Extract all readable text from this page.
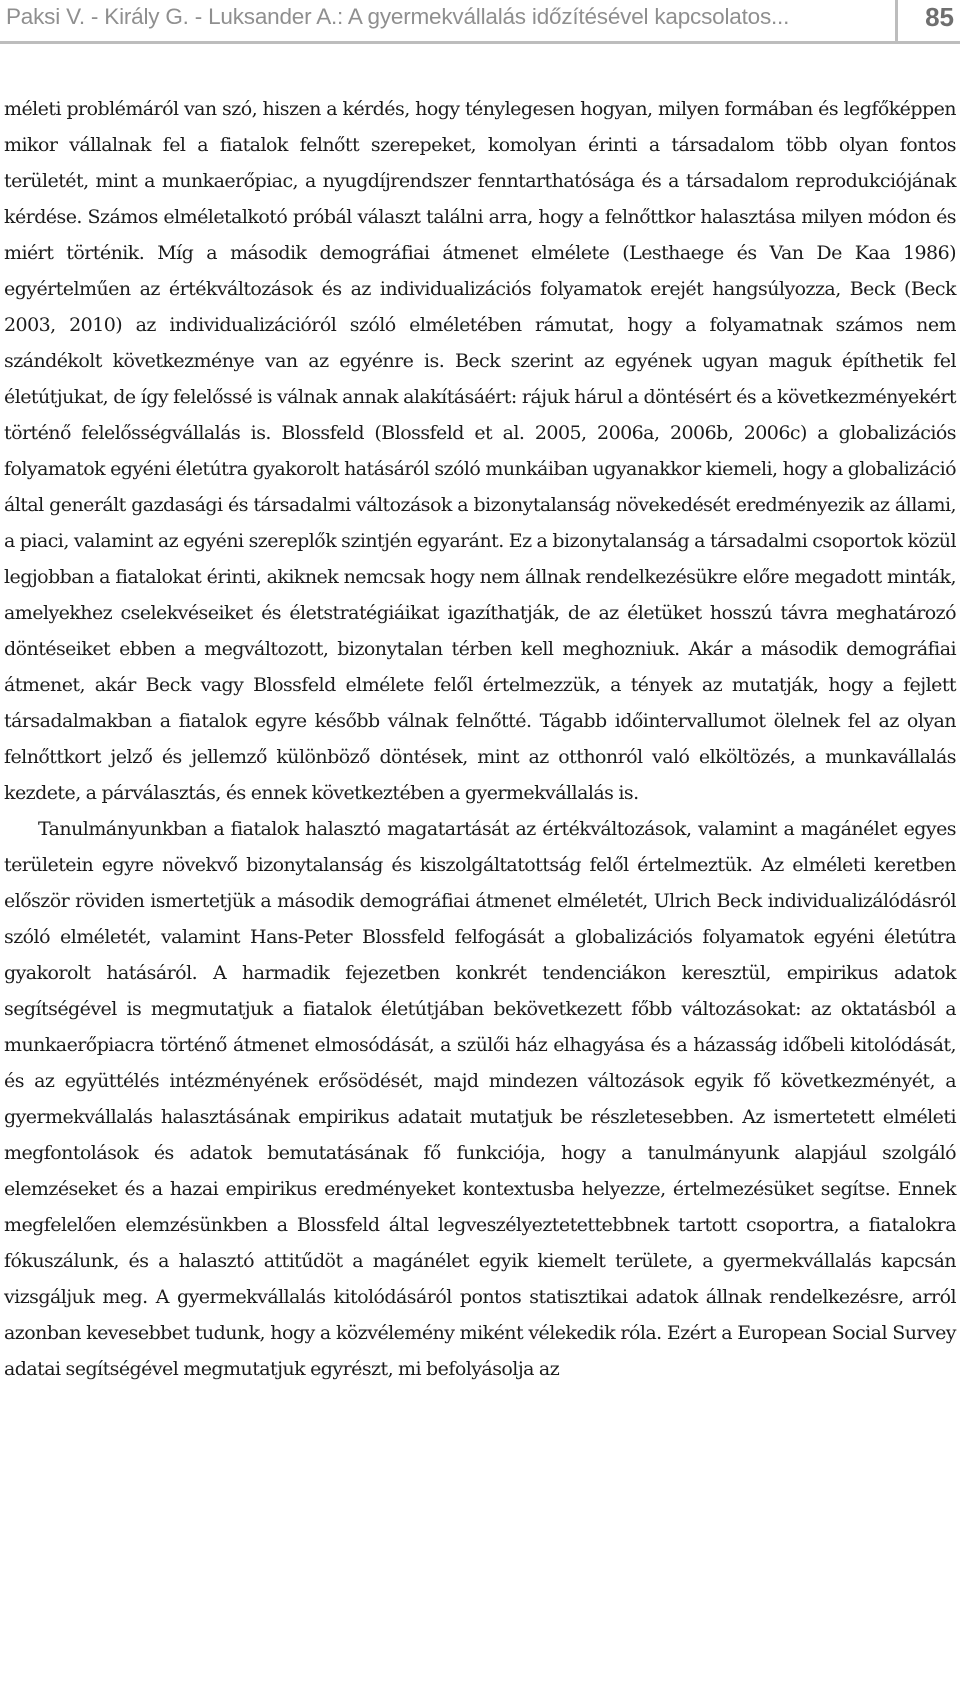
Paksi V. - Király G. - Luksander A.: A gyermekvállalás időzítésével kapcsolatos...	85

méleti problémáról van szó, hiszen a kérdés, hogy ténylegesen hogyan, milyen formában és legfőképpen mikor vállalnak fel a fiatalok felnőtt szerepeket, komolyan érinti a társadalom több olyan fontos területét, mint a munkaerőpiac, a nyugdíjrendszer fenntarthatósága és a társadalom reprodukciójának kérdése. Számos elméletalkotó próbál választ találni arra, hogy a felnőttkor halasztása milyen módon és miért történik. Míg a második demográfiai átmenet elmélete (Lesthaege és Van De Kaa 1986) egyértelműen az értékváltozások és az individualizációs folyamatok erejét hangsúlyozza, Beck (Beck 2003, 2010) az individualizációról szóló elméletében rámutat, hogy a folyamatnak számos nem szándékolt következménye van az egyénre is. Beck szerint az egyének ugyan maguk építhetik fel életútjukat, de így felelőssé is válnak annak alakításáért: rájuk hárul a döntésért és a következményekért történő felelősségvállalás is. Blossfeld (Blossfeld et al. 2005, 2006a, 2006b, 2006c) a globalizációs folyamatok egyéni életútra gyakorolt hatásáról szóló munkáiban ugyanakkor kiemeli, hogy a globalizáció által generált gazdasági és társadalmi változások a bizonytalanság növekedését eredményezik az állami, a piaci, valamint az egyéni szereplők szintjén egyaránt. Ez a bizonytalanság a társadalmi csoportok közül legjobban a fiatalokat érinti, akiknek nemcsak hogy nem állnak rendelkezésükre előre megadott minták, amelyekhez cselekvéseiket és életstratégiáikat igazíthatják, de az életüket hosszú távra meghatározó döntéseiket ebben a megváltozott, bizonytalan térben kell meghozniuk. Akár a második demográfiai átmenet, akár Beck vagy Blossfeld elmélete felől értelmezzük, a tények az mutatják, hogy a fejlett társadalmakban a fiatalok egyre később válnak felnőtté. Tágabb időintervallumot ölelnek fel az olyan felnőttkort jelző és jellemző különböző döntések, mint az otthonról való elköltözés, a munkavállalás kezdete, a párválasztás, és ennek következtében a gyermekvállalás is.

Tanulmányunkban a fiatalok halasztó magatartását az értékváltozások, valamint a magánélet egyes területein egyre növekvő bizonytalanság és kiszolgáltatottság felől értelmeztük. Az elméleti keretben először röviden ismertetjük a második demográfiai átmenet elméletét, Ulrich Beck individualizálódásról szóló elméletét, valamint Hans-Peter Blossfeld felfogását a globalizációs folyamatok egyéni életútra gyakorolt hatásáról. A harmadik fejezetben konkrét tendenciákon keresztül, empirikus adatok segítségével is megmutatjuk a fiatalok életútjában bekövetkezett főbb változásokat: az oktatásból a munkaerőpiacra történő átmenet elmosódását, a szülői ház elhagyása és a házasság időbeli kitolódását, és az együttélés intézményének erősödését, majd mindezen változások egyik fő következményét, a gyermekvállalás halasztásának empirikus adatait mutatjuk be részletesebben. Az ismertetett elméleti megfontolások és adatok bemutatásának fő funkciója, hogy a tanulmányunk alapjául szolgáló elemzéseket és a hazai empirikus eredményeket kontextusba helyezze, értelmezésüket segítse. Ennek megfelelően elemzésünkben a Blossfeld által legveszélyeztetettebbnek tartott csoportra, a fiatalokra fókuszálunk, és a halasztó attitűdöt a magánélet egyik kiemelt területe, a gyermekvállalás kapcsán vizsgáljuk meg. A gyermekvállalás kitolódásáról pontos statisztikai adatok állnak rendelkezésre, arról azonban kevesebbet tudunk, hogy a közvélemény miként vélekedik róla. Ezért a European Social Survey adatai segítségével megmutatjuk egyrészt, mi befolyásolja az
